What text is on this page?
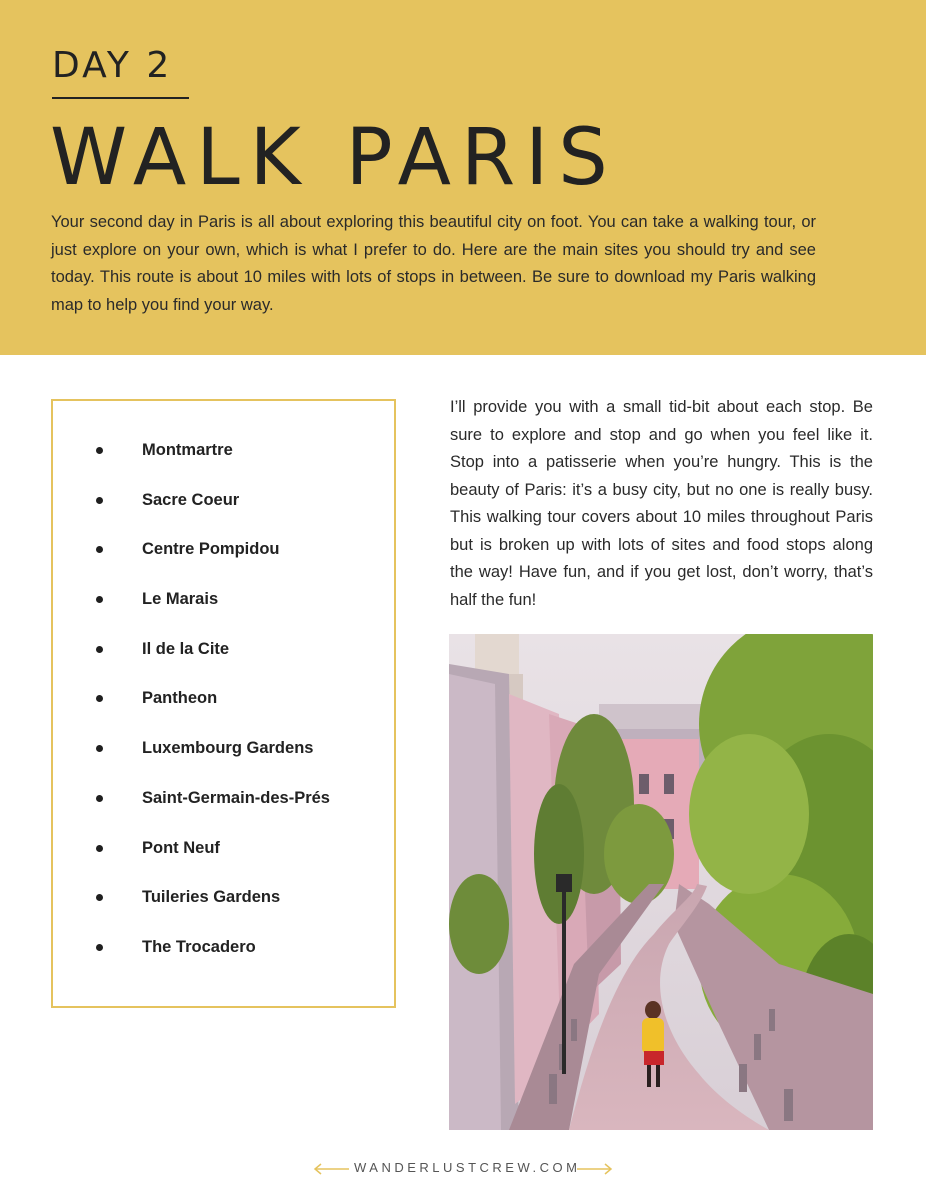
DAY 2
WALK PARIS

Your second day in Paris is all about exploring this beautiful city on foot. You can take a walking tour, or just explore on your own, which is what I prefer to do. Here are the main sites you should try and see today. This route is about 10 miles with lots of stops in between. Be sure to download my Paris walking map to help you find your way.

Montmartre
Sacre Coeur
Centre Pompidou
Le Marais
Il de la Cite
Pantheon
Luxembourg Gardens
Saint-Germain-des-Prés
Pont Neuf
Tuileries Gardens
The Trocadero

I’ll provide you with a small tid-bit about each stop. Be sure to explore and stop and go when you feel like it. Stop into a patisserie when you’re hungry. This is the beauty of Paris: it’s a busy city, but no one is really busy. This walking tour covers about 10 miles throughout Paris but is broken up with lots of sites and food stops along the way! Have fun, and if you get lost, don’t worry, that’s half the fun!

WANDERLUSTCREW.COM
